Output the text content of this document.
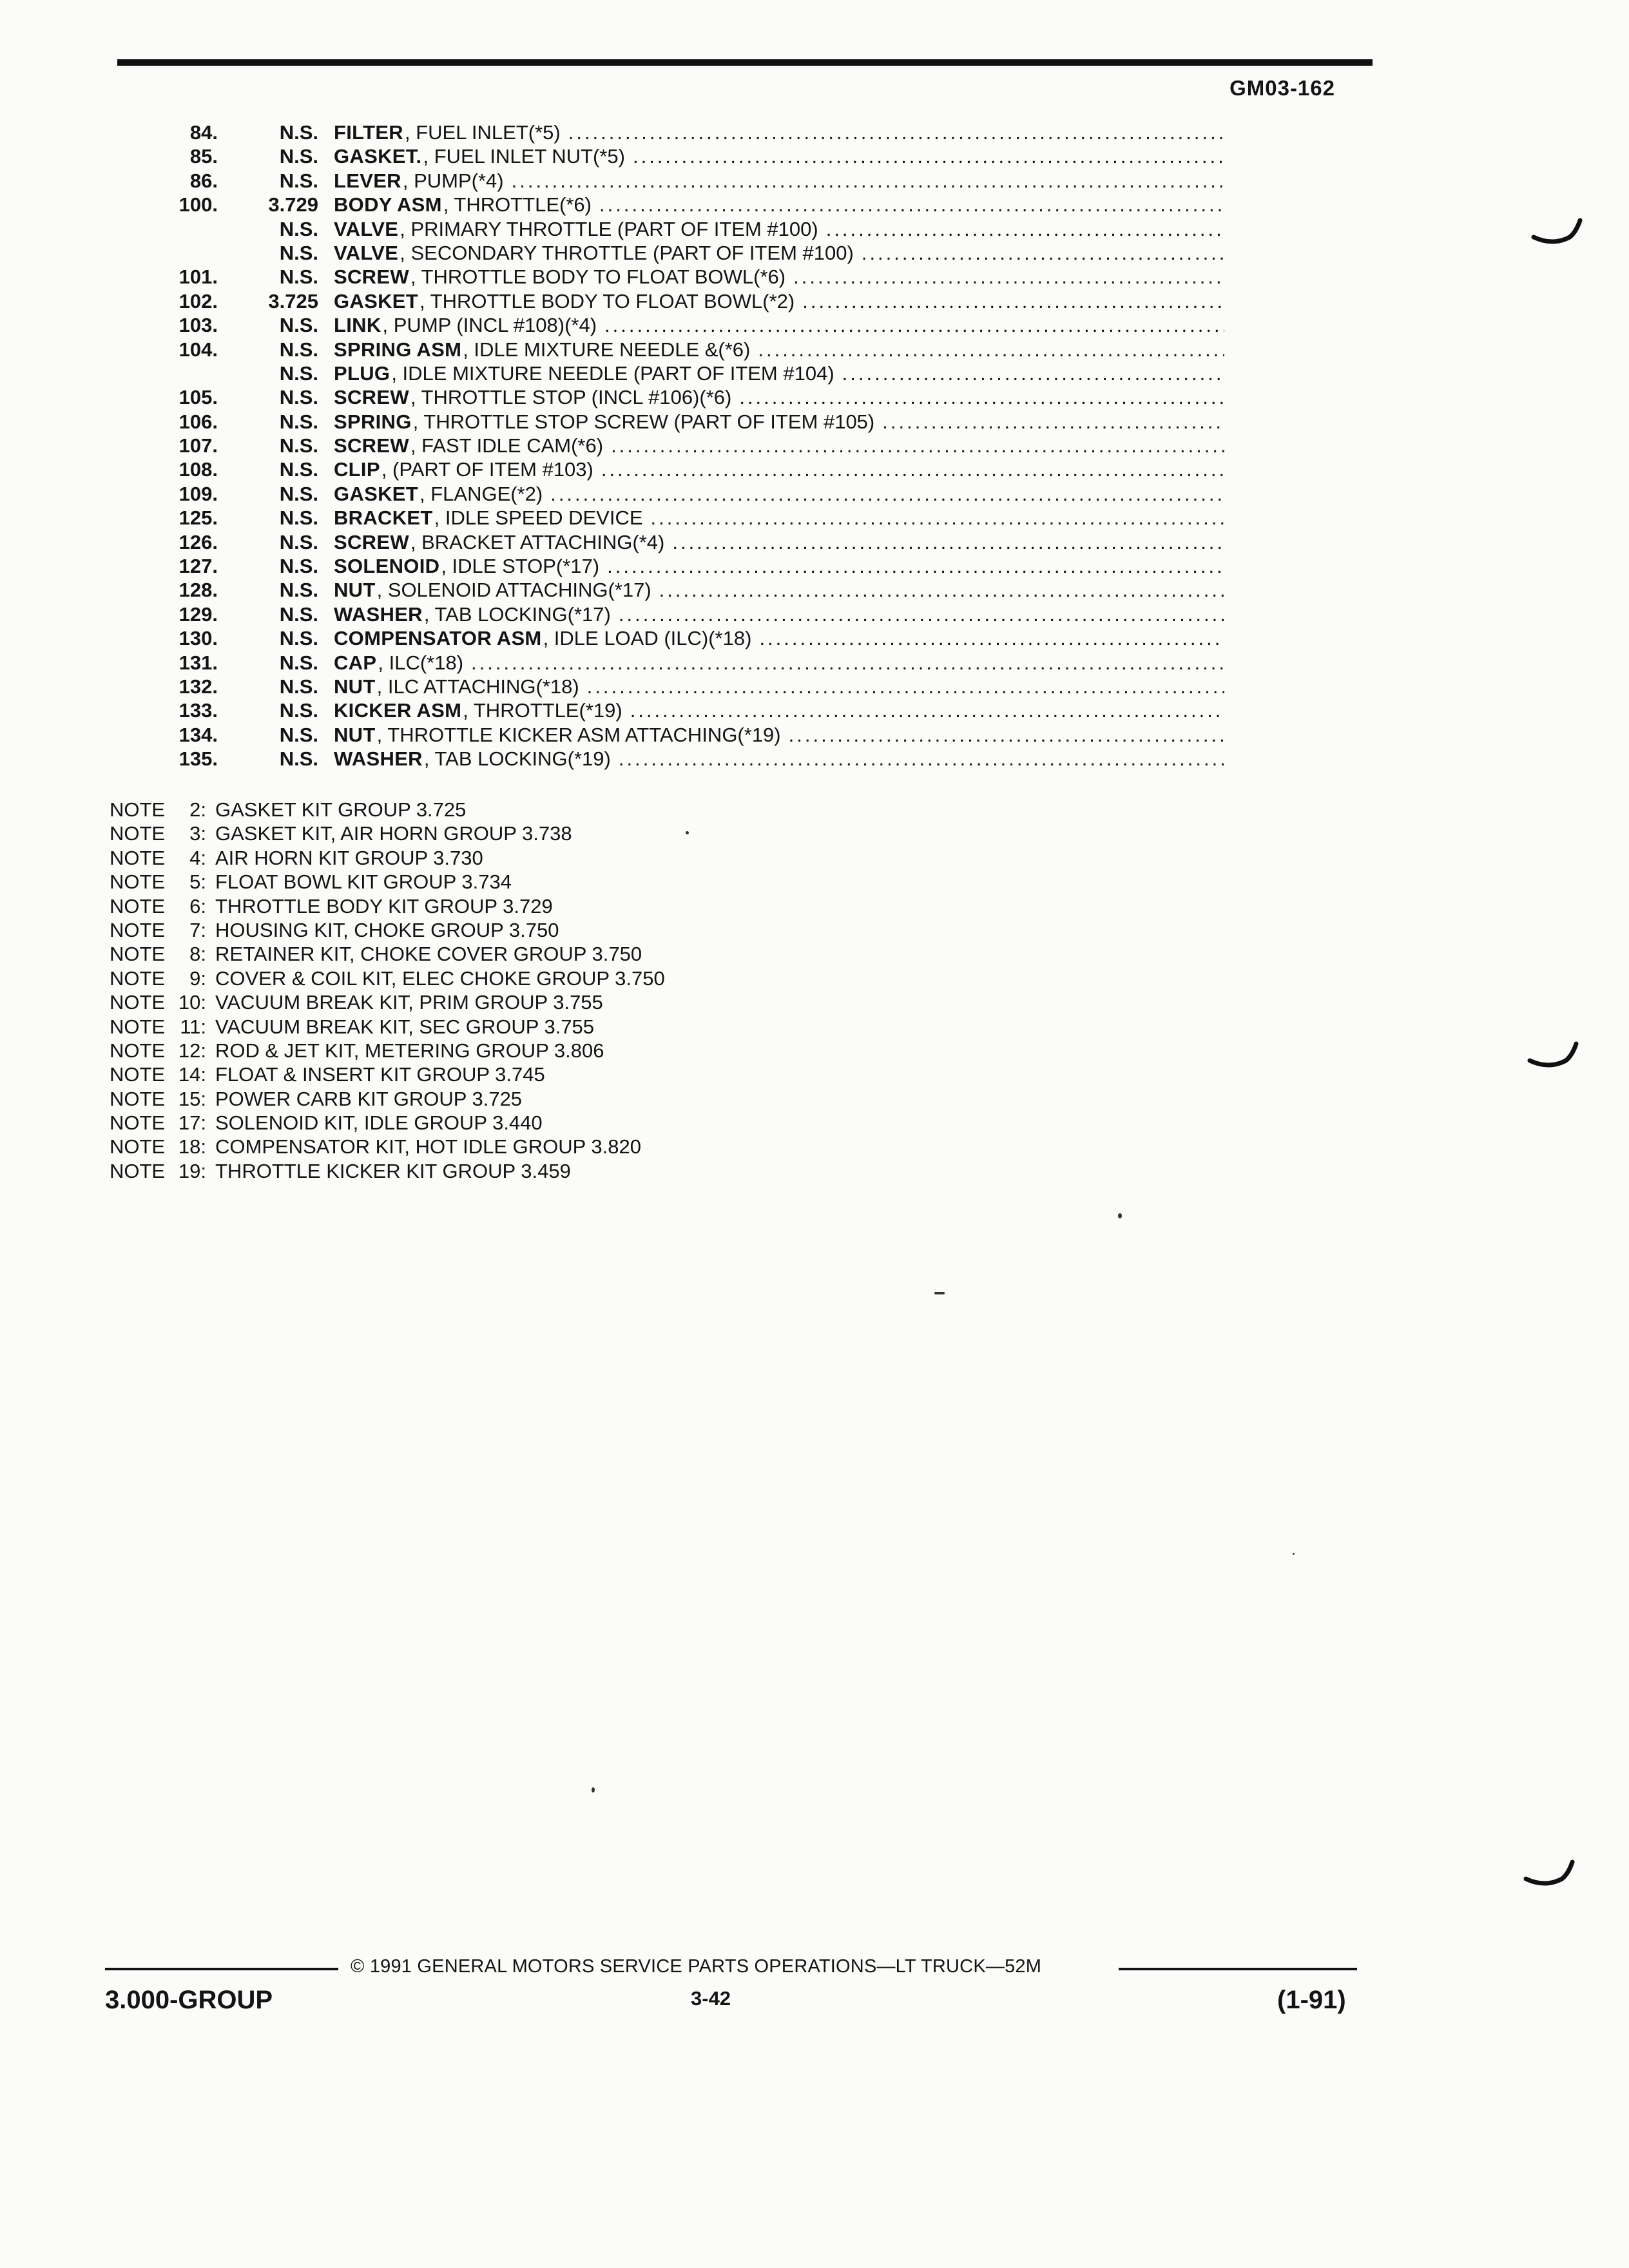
GM03-162
84.	N.S. FILTER , FUEL INLET(*5)
.....
85.	N.S. GASKET. , FUEL INLET NUT(*5)
.....
86.	N.S. LEVER , PUMP(*4)
.....
100.	3.729 BODY ASM , THROTTLE(*6)
.....
N.S. VALVE , PRIMARY THROTTLE (PART OF ITEM #100)
.....
N.S. VALVE , SECONDARY THROTTLE (PART OF ITEM #100)
.....
101.	N.S. SCREW , THROTTLE BODY TO FLOAT BOWL(*6)
.....
102.	3.725 GASKET , THROTTLE BODY TO FLOAT BOWL(*2)
.....
103.	N.S. LINK , PUMP (INCL #108)(*4)
.....
104.	N.S. SPRING ASM , IDLE MIXTURE NEEDLE &(*6)
.....
N.S. PLUG , IDLE MIXTURE NEEDLE (PART OF ITEM #104)
.....
105.	N.S. SCREW , THROTTLE STOP (INCL #106)(*6)
.....
106.	N.S. SPRING , THROTTLE STOP SCREW (PART OF ITEM #105)
.....
107.	N.S. SCREW , FAST IDLE CAM(*6)
.....
108.	N.S. CLIP , (PART OF ITEM #103)
.....
109.	N.S. GASKET , FLANGE(*2)
.....
125.	N.S. BRACKET , IDLE SPEED DEVICE
.....
126.	N.S. SCREW , BRACKET ATTACHING(*4)
.....
127.	N.S. SOLENOID , IDLE STOP(*17)
.....
128.	N.S. NUT , SOLENOID ATTACHING(*17)
.....
129.	N.S. WASHER , TAB LOCKING(*17)
.....
130.	N.S. COMPENSATOR ASM , IDLE LOAD (ILC)(*18)
.....
131.	N.S. CAP , ILC(*18)
.....
132.	N.S. NUT , ILC ATTACHING(*18)
.....
133.	N.S. KICKER ASM , THROTTLE(*19)
.....
134.	N.S. NUT , THROTTLE KICKER ASM ATTACHING(*19)
.....
135.	N.S. WASHER , TAB LOCKING(*19)
.....
NOTE 2: GASKET KIT GROUP 3.725
NOTE 3: GASKET KIT, AIR HORN GROUP 3.738
NOTE 4: AIR HORN KIT GROUP 3.730
NOTE 5: FLOAT BOWL KIT GROUP 3.734
NOTE 6: THROTTLE BODY KIT GROUP 3.729
NOTE 7: HOUSING KIT, CHOKE GROUP 3.750
NOTE 8: RETAINER KIT, CHOKE COVER GROUP 3.750
NOTE 9: COVER & COIL KIT, ELEC CHOKE GROUP 3.750
NOTE 10: VACUUM BREAK KIT, PRIM GROUP 3.755
NOTE 11: VACUUM BREAK KIT, SEC GROUP 3.755
NOTE 12: ROD & JET KIT, METERING GROUP 3.806
NOTE 14: FLOAT & INSERT KIT GROUP 3.745
NOTE 15: POWER CARB KIT GROUP 3.725
NOTE 17: SOLENOID KIT, IDLE GROUP 3.440
NOTE 18: COMPENSATOR KIT, HOT IDLE GROUP 3.820
NOTE 19: THROTTLE KICKER KIT GROUP 3.459
© 1991 GENERAL MOTORS SERVICE PARTS OPERATIONS—LT TRUCK—52M
3.000-GROUP	3-42	(1-91)
